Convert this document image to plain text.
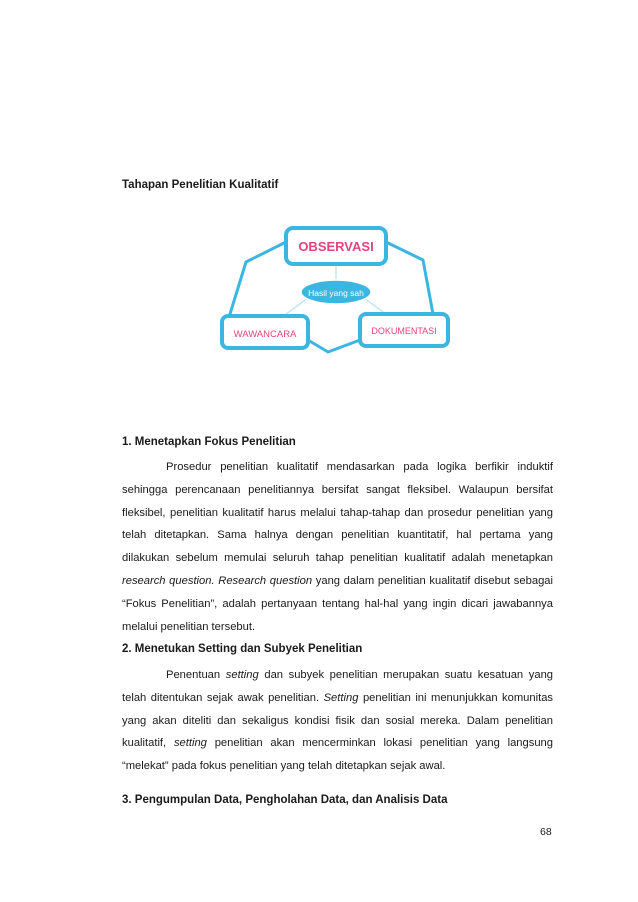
Tahapan Penelitian Kualitatif
OBSERVASI
Hasil yang sah
WAWANCARA	DOKUMENTASI
1. Menetapkan Fokus Penelitian

Prosedur penelitian kualitatif mendasarkan pada logika berfikir induktif sehingga perencanaan penelitiannya bersifat sangat fleksibel. Walaupun bersifat fleksibel, penelitian kualitatif harus melalui tahap-tahap dan prosedur penelitian yang telah ditetapkan. Sama halnya dengan penelitian kuantitatif, hal pertama yang dilakukan sebelum memulai seluruh tahap penelitian kualitatif adalah menetapkan research question. Research question yang dalam penelitian kualitatif disebut sebagai “Fokus Penelitian”, adalah pertanyaan tentang hal-hal yang ingin dicari jawabannya melalui penelitian tersebut.

2. Menetukan Setting dan Subyek Penelitian

Penentuan setting dan subyek penelitian merupakan suatu kesatuan yang telah ditentukan sejak awak penelitian. Setting penelitian ini menunjukkan komunitas yang akan diteliti dan sekaligus kondisi fisik dan sosial mereka. Dalam penelitian kualitatif, setting penelitian akan mencerminkan lokasi penelitian yang langsung “melekat” pada fokus penelitian yang telah ditetapkan sejak awal.

3. Pengumpulan Data, Pengholahan Data, dan Analisis Data
68
